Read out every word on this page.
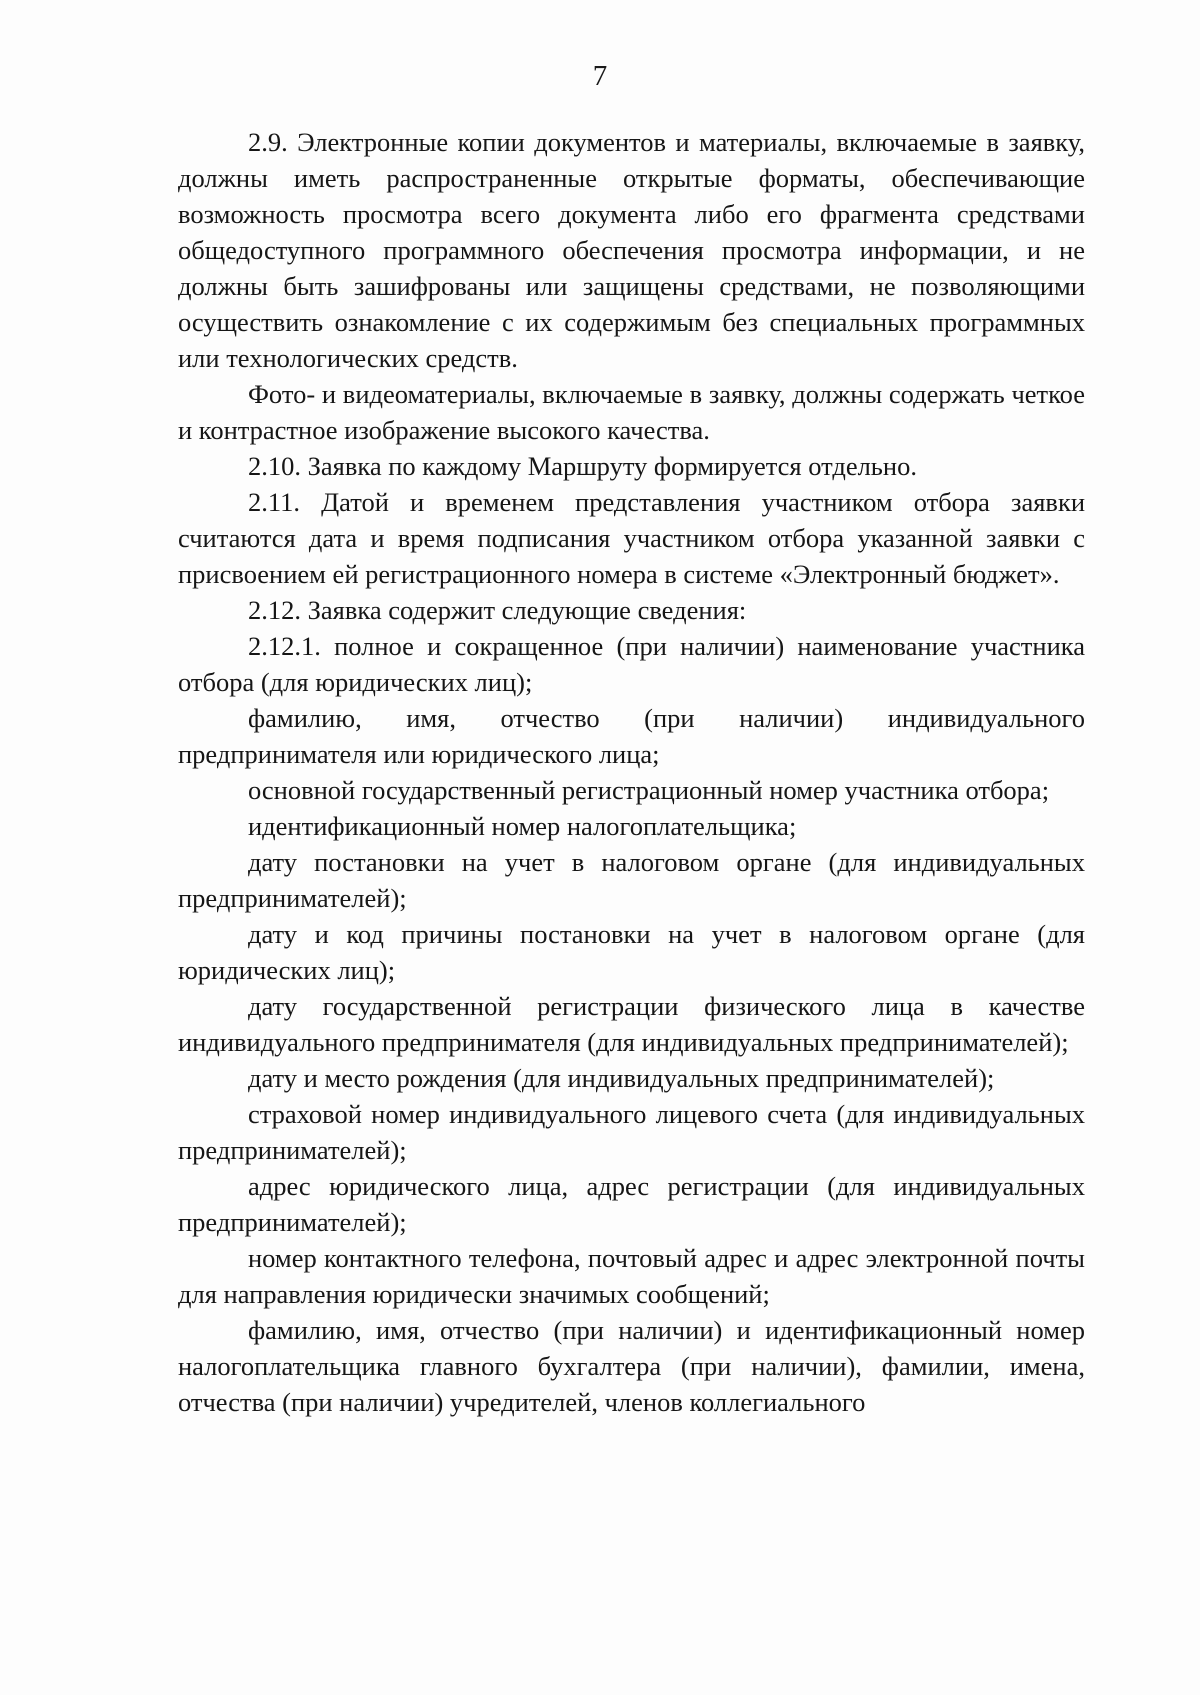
7

2.9. Электронные копии документов и материалы, включаемые в заявку, должны иметь распространенные открытые форматы, обеспечивающие возможность просмотра всего документа либо его фрагмента средствами общедоступного программного обеспечения просмотра информации, и не должны быть зашифрованы или защищены средствами, не позволяющими осуществить ознакомление с их содержимым без специальных программных или технологических средств.

Фото- и видеоматериалы, включаемые в заявку, должны содержать четкое и контрастное изображение высокого качества.

2.10. Заявка по каждому Маршруту формируется отдельно.

2.11. Датой и временем представления участником отбора заявки считаются дата и время подписания участником отбора указанной заявки с присвоением ей регистрационного номера в системе «Электронный бюджет».

2.12. Заявка содержит следующие сведения:

2.12.1. полное и сокращенное (при наличии) наименование участника отбора (для юридических лиц);

фамилию, имя, отчество (при наличии) индивидуального предпринимателя или юридического лица;

основной государственный регистрационный номер участника отбора;

идентификационный номер налогоплательщика;

дату постановки на учет в налоговом органе (для индивидуальных предпринимателей);

дату и код причины постановки на учет в налоговом органе (для юридических лиц);

дату государственной регистрации физического лица в качестве индивидуального предпринимателя (для индивидуальных предпринимателей);

дату и место рождения (для индивидуальных предпринимателей);

страховой номер индивидуального лицевого счета (для индивидуальных предпринимателей);

адрес юридического лица, адрес регистрации (для индивидуальных предпринимателей);

номер контактного телефона, почтовый адрес и адрес электронной почты для направления юридически значимых сообщений;

фамилию, имя, отчество (при наличии) и идентификационный номер налогоплательщика главного бухгалтера (при наличии), фамилии, имена, отчества (при наличии) учредителей, членов коллегиального
